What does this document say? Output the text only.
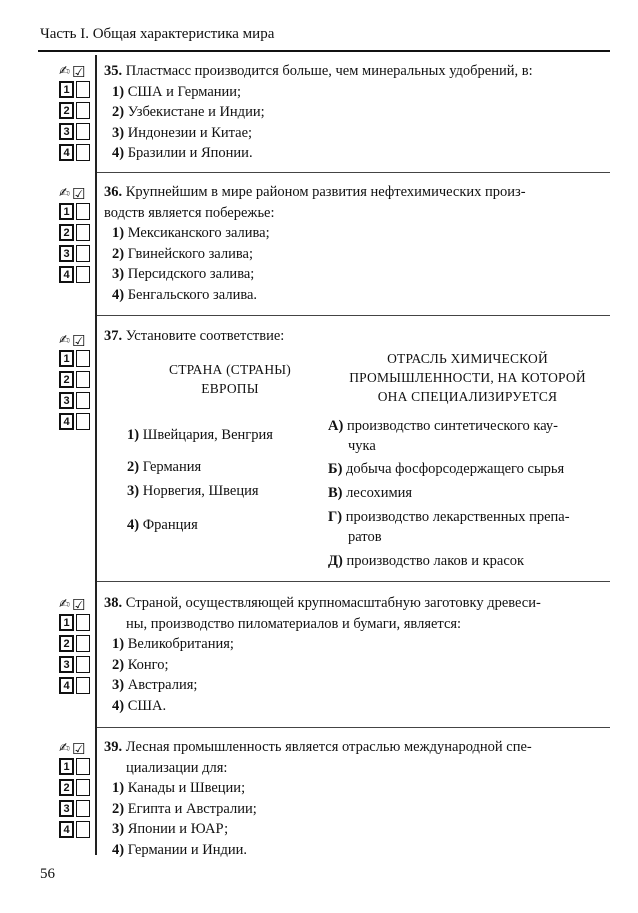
Часть I. Общая характеристика мира
✍ ☑
1
2
3
4
35. Пластмасс производится больше, чем минеральных удобрений, в:
1) США и Германии;
2) Узбекистане и Индии;
3) Индонезии и Китае;
4) Бразилии и Японии.
✍ ☑
1
2
3
4
36. Крупнейшим в мире районом развития нефтехимических произ-
водств является побережье:
1) Мексиканского залива;
2) Гвинейского залива;
3) Персидского залива;
4) Бенгальского залива.
✍ ☑
1
2
3
4
37. Установите соответствие:
СТРАНА (СТРАНЫ)
ЕВРОПЫ
ОТРАСЛЬ ХИМИЧЕСКОЙ
ПРОМЫШЛЕННОСТИ, НА КОТОРОЙ
ОНА СПЕЦИАЛИЗИРУЕТСЯ
1) Швейцария, Венгрия
2) Германия
3) Норвегия, Швеция
4) Франция
А) производство синтетического кау-
чука
Б) добыча фосфорсодержащего сырья
В) лесохимия
Г) производство лекарственных препа-
ратов
Д) производство лаков и красок
✍ ☑
1
2
3
4
38. Страной, осуществляющей крупномасштабную заготовку древеси-
ны, производство пиломатериалов и бумаги, является:
1) Великобритания;
2) Конго;
3) Австралия;
4) США.
✍ ☑
1
2
3
4
39. Лесная промышленность является отраслью международной спе-
циализации для:
1) Канады и Швеции;
2) Египта и Австралии;
3) Японии и ЮАР;
4) Германии и Индии.
56
